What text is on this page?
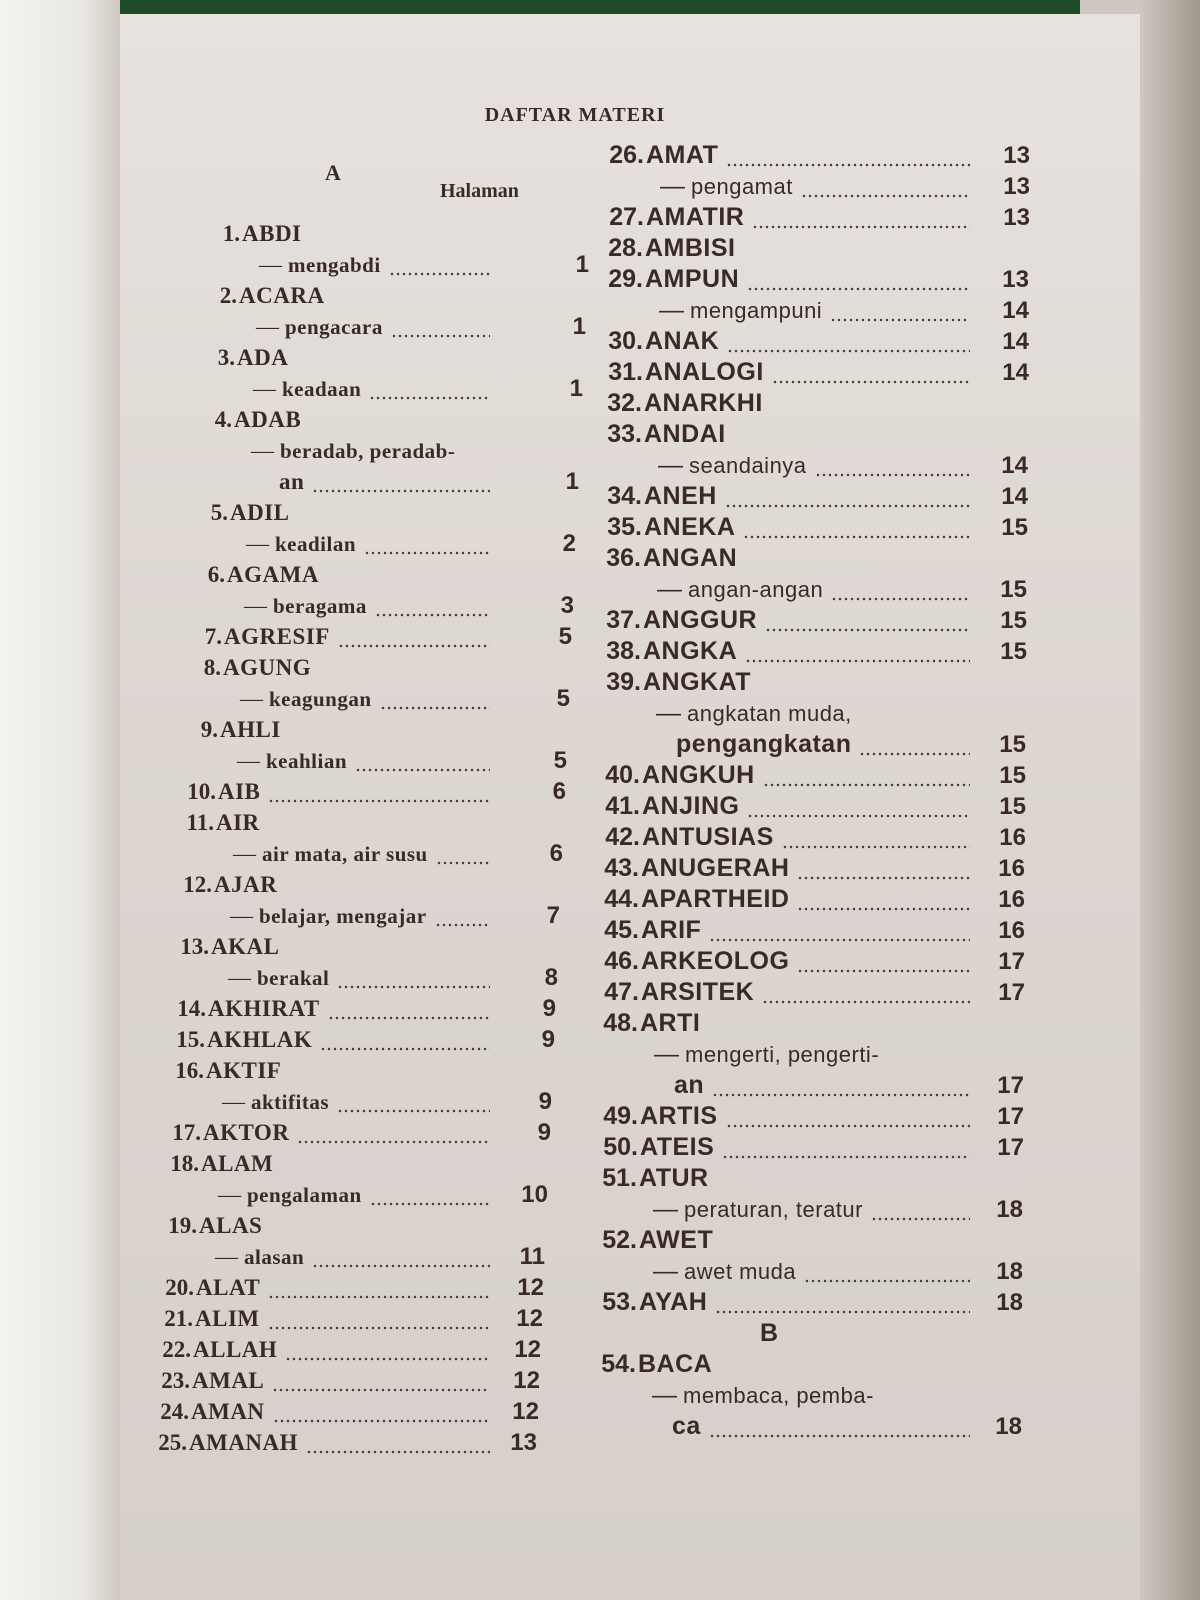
DAFTAR MATERI
A
Halaman
1.ABDI
— mengabdi	1
2.ACARA
— pengacara	1
3.ADA
— keadaan	1
4.ADAB
— beradab, peradab-
an	1
5.ADIL
— keadilan	2
6.AGAMA
— beragama	3
7.AGRESIF	5
8.AGUNG
— keagungan	5
9.AHLI
— keahlian	5
10.AIB	6
11.AIR
— air mata, air susu	6
12.AJAR
— belajar, mengajar	7
13.AKAL
— berakal	8
14.AKHIRAT	9
15.AKHLAK	9
16.AKTIF
— aktifitas	9
17.AKTOR	9
18.ALAM
— pengalaman	10
19.ALAS
— alasan	11
20.ALAT	12
21.ALIM	12
22.ALLAH	12
23.AMAL	12
24.AMAN	12
25.AMANAH	13
26.AMAT	13
— pengamat	13
27.AMATIR	13
28.AMBISI
29.AMPUN	13
— mengampuni	14
30.ANAK	14
31.ANALOGI	14
32.ANARKHI
33.ANDAI
— seandainya	14
34.ANEH	14
35.ANEKA	15
36.ANGAN
— angan-angan	15
37.ANGGUR	15
38.ANGKA	15
39.ANGKAT
— angkatan muda,
pengangkatan	15
40.ANGKUH	15
41.ANJING	15
42.ANTUSIAS	16
43.ANUGERAH	16
44.APARTHEID	16
45.ARIF	16
46.ARKEOLOG	17
47.ARSITEK	17
48.ARTI
— mengerti, pengerti-
an	17
49.ARTIS	17
50.ATEIS	17
51.ATUR
— peraturan, teratur	18
52.AWET
— awet muda	18
53.AYAH	18
B
54.BACA
— membaca, pemba-
ca	18
